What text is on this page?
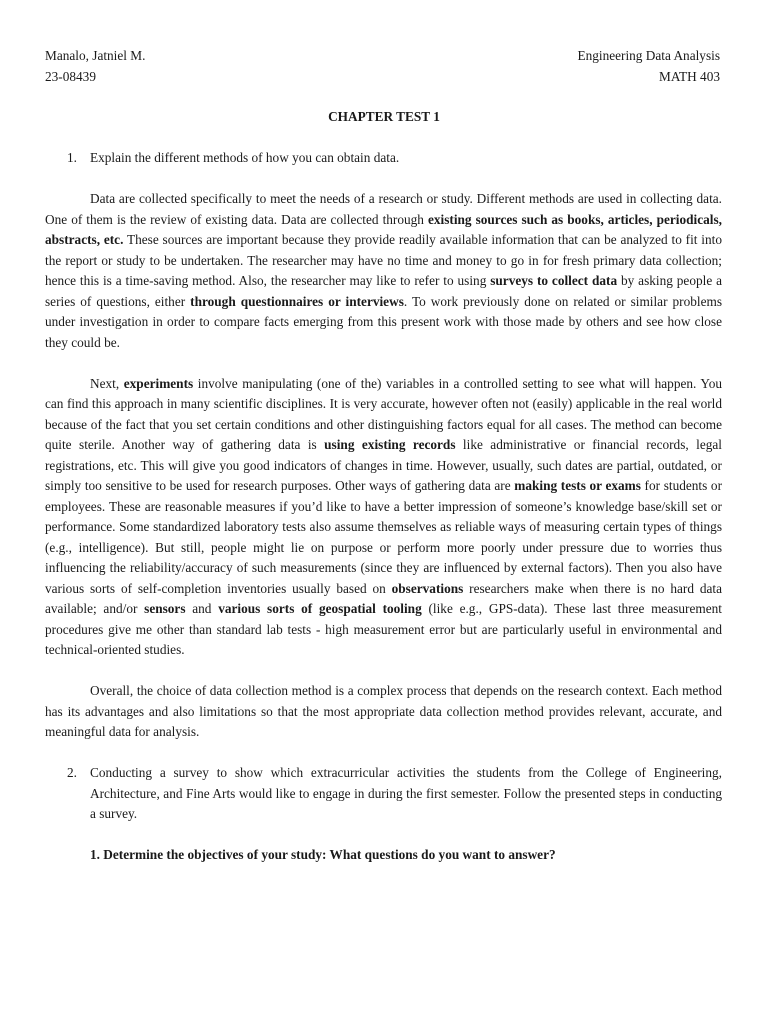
Manalo, Jatniel M.	Engineering Data Analysis
23-08439	MATH 403
CHAPTER TEST 1
1. Explain the different methods of how you can obtain data.

Data are collected specifically to meet the needs of a research or study. Different methods are used in collecting data. One of them is the review of existing data. Data are collected through existing sources such as books, articles, periodicals, abstracts, etc. These sources are important because they provide readily available information that can be analyzed to fit into the report or study to be undertaken. The researcher may have no time and money to go in for fresh primary data collection; hence this is a time-saving method. Also, the researcher may like to refer to using surveys to collect data by asking people a series of questions, either through questionnaires or interviews. To work previously done on related or similar problems under investigation in order to compare facts emerging from this present work with those made by others and see how close they could be.

Next, experiments involve manipulating (one of the) variables in a controlled setting to see what will happen. You can find this approach in many scientific disciplines. It is very accurate, however often not (easily) applicable in the real world because of the fact that you set certain conditions and other distinguishing factors equal for all cases. The method can become quite sterile. Another way of gathering data is using existing records like administrative or financial records, legal registrations, etc. This will give you good indicators of changes in time. However, usually, such dates are partial, outdated, or simply too sensitive to be used for research purposes. Other ways of gathering data are making tests or exams for students or employees. These are reasonable measures if you’d like to have a better impression of someone’s knowledge base/skill set or performance. Some standardized laboratory tests also assume themselves as reliable ways of measuring certain types of things (e.g., intelligence). But still, people might lie on purpose or perform more poorly under pressure due to worries thus influencing the reliability/accuracy of such measurements (since they are influenced by external factors). Then you also have various sorts of self-completion inventories usually based on observations researchers make when there is no hard data available; and/or sensors and various sorts of geospatial tooling (like e.g., GPS-data). These last three measurement procedures give me other than standard lab tests - high measurement error but are particularly useful in environmental and technical-oriented studies.

Overall, the choice of data collection method is a complex process that depends on the research context. Each method has its advantages and also limitations so that the most appropriate data collection method provides relevant, accurate, and meaningful data for analysis.

2. Conducting a survey to show which extracurricular activities the students from the College of Engineering, Architecture, and Fine Arts would like to engage in during the first semester. Follow the presented steps in conducting a survey.
1. Determine the objectives of your study: What questions do you want to answer?
